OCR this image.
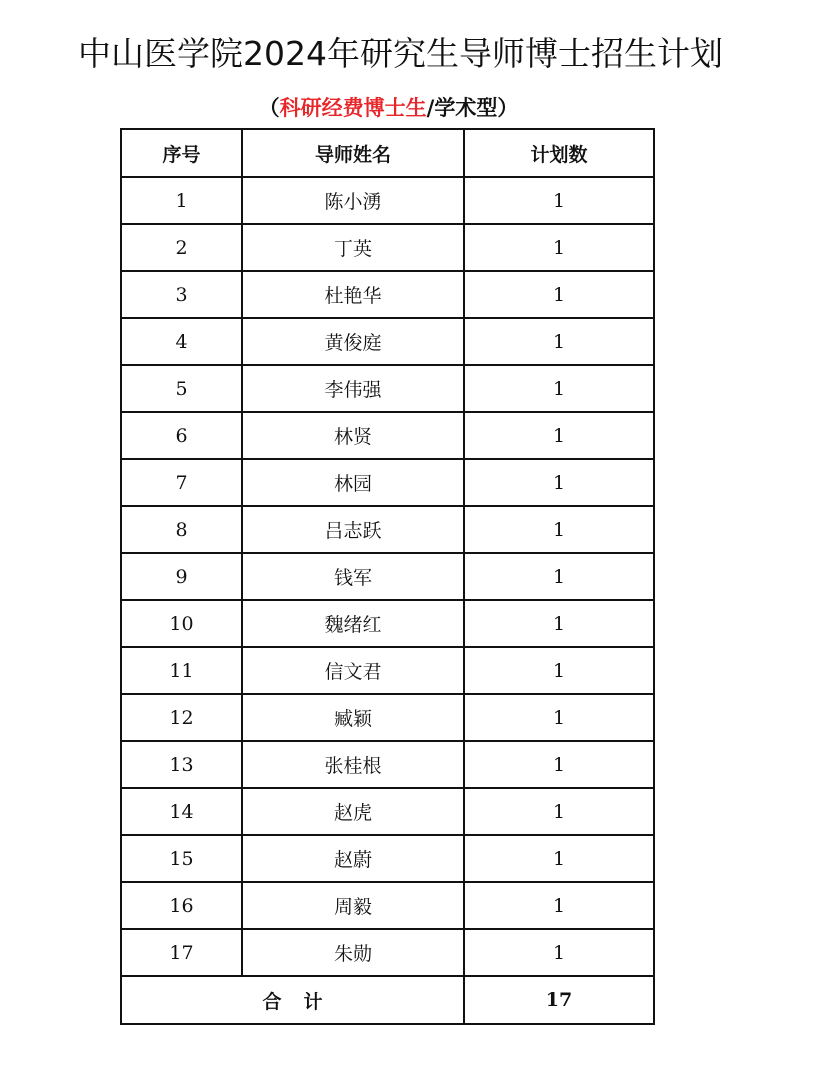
中山医学院2024年研究生导师博士招生计划
（科研经费博士生/学术型）
序号	导师姓名	计划数
1	陈小湧	1
2	丁英	1
3	杜艳华	1
4	黄俊庭	1
5	李伟强	1
6	林贤	1
7	林园	1
8	吕志跃	1
9	钱军	1
10	魏绪红	1
11	信文君	1
12	臧颖	1
13	张桂根	1
14	赵虎	1
15	赵蔚	1
16	周毅	1
17	朱勋	1
合计		17
